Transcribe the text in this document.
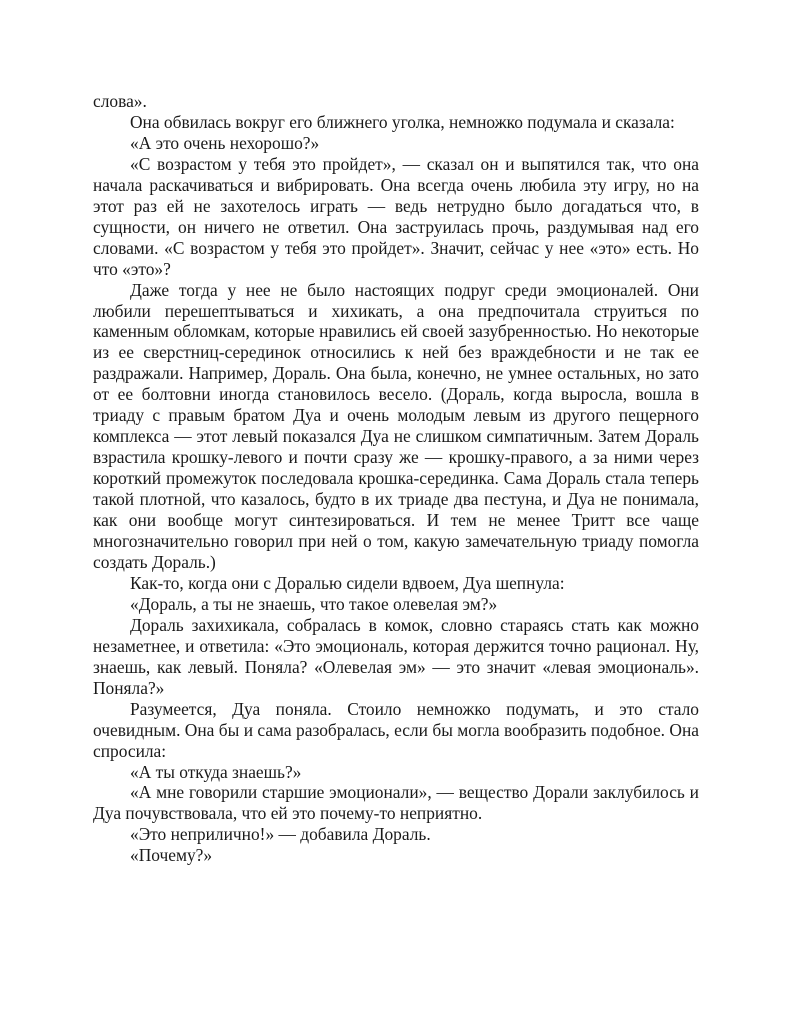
слова».

Она обвилась вокруг его ближнего уголка, немножко подумала и сказала:

«А это очень нехорошо?»

«С возрастом у тебя это пройдет», — сказал он и выпятился так, что она начала раскачиваться и вибрировать. Она всегда очень любила эту игру, но на этот раз ей не захотелось играть — ведь нетрудно было догадаться что, в сущности, он ничего не ответил. Она заструилась прочь, раздумывая над его словами. «С возрастом у тебя это пройдет». Значит, сейчас у нее «это» есть. Но что «это»?

Даже тогда у нее не было настоящих подруг среди эмоционалей. Они любили перешептываться и хихикать, а она предпочитала струиться по каменным обломкам, которые нравились ей своей зазубренностью. Но некоторые из ее сверстниц-серединок относились к ней без враждебности и не так ее раздражали. Например, Дораль. Она была, конечно, не умнее остальных, но зато от ее болтовни иногда становилось весело. (Дораль, когда выросла, вошла в триаду с правым братом Дуа и очень молодым левым из другого пещерного комплекса — этот левый показался Дуа не слишком симпатичным. Затем Дораль взрастила крошку-левого и почти сразу же — крошку-правого, а за ними через короткий промежуток последовала крошка-серединка. Сама Дораль стала теперь такой плотной, что казалось, будто в их триаде два пестуна, и Дуа не понимала, как они вообще могут синтезироваться. И тем не менее Тритт все чаще многозначительно говорил при ней о том, какую замечательную триаду помогла создать Дораль.)

Как-то, когда они с Доралью сидели вдвоем, Дуа шепнула:

«Дораль, а ты не знаешь, что такое олевелая эм?»

Дораль захихикала, собралась в комок, словно стараясь стать как можно незаметнее, и ответила: «Это эмоциональ, которая держится точно рационал. Ну, знаешь, как левый. Поняла? «Олевелая эм» — это значит «левая эмоциональ». Поняла?»

Разумеется, Дуа поняла. Стоило немножко подумать, и это стало очевидным. Она бы и сама разобралась, если бы могла вообразить подобное. Она спросила:

«А ты откуда знаешь?»

«А мне говорили старшие эмоционали», — вещество Дорали заклубилось и Дуа почувствовала, что ей это почему-то неприятно.

«Это неприлично!» — добавила Дораль.

«Почему?»
